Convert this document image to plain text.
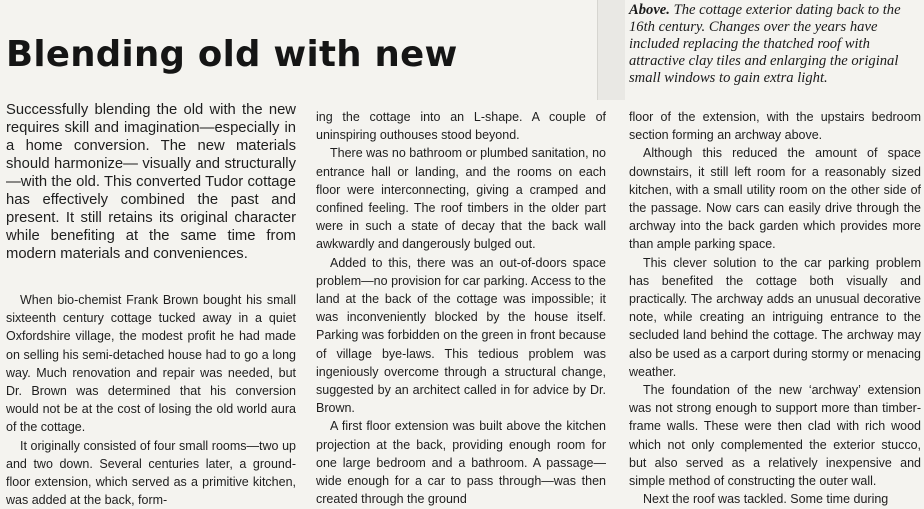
Blending old with new
Above. The cottage exterior dating back to the 16th century. Changes over the years have included replacing the thatched roof with attractive clay tiles and enlarging the original small windows to gain extra light.

Successfully blending the old with the new requires skill and imagination—especially in a home conversion. The new materials should harmonize— visually and structurally—with the old. This converted Tudor cottage has effectively combined the past and present. It still retains its original character while benefiting at the same time from modern materials and conveniences.

When bio-chemist Frank Brown bought his small sixteenth century cottage tucked away in a quiet Oxfordshire village, the modest profit he had made on selling his semi-detached house had to go a long way. Much renovation and repair was needed, but Dr. Brown was determined that his conversion would not be at the cost of losing the old world aura of the cottage.

It originally consisted of four small rooms—two up and two down. Several centuries later, a ground-floor extension, which served as a primitive kitchen, was added at the back, form-

ing the cottage into an L-shape. A couple of uninspiring outhouses stood beyond.

There was no bathroom or plumbed sanitation, no entrance hall or landing, and the rooms on each floor were interconnecting, giving a cramped and confined feeling. The roof timbers in the older part were in such a state of decay that the back wall awkwardly and dangerously bulged out.

Added to this, there was an out-of-doors space problem—no provision for car parking. Access to the land at the back of the cottage was impossible; it was inconveniently blocked by the house itself. Parking was forbidden on the green in front because of village bye-laws. This tedious problem was ingeniously overcome through a structural change, suggested by an architect called in for advice by Dr. Brown.

A first floor extension was built above the kitchen projection at the back, providing enough room for one large bedroom and a bathroom. A passage—wide enough for a car to pass through—was then created through the ground

floor of the extension, with the upstairs bedroom section forming an archway above.

Although this reduced the amount of space downstairs, it still left room for a reasonably sized kitchen, with a small utility room on the other side of the passage. Now cars can easily drive through the archway into the back garden which provides more than ample parking space.

This clever solution to the car parking problem has benefited the cottage both visually and practically. The archway adds an unusual decorative note, while creating an intriguing entrance to the secluded land behind the cottage. The archway may also be used as a carport during stormy or menacing weather.

The foundation of the new ‘archway’ extension was not strong enough to support more than timber-frame walls. These were then clad with rich wood which not only complemented the exterior stucco, but also served as a relatively inexpensive and simple method of constructing the outer wall.

Next the roof was tackled. Some time during
